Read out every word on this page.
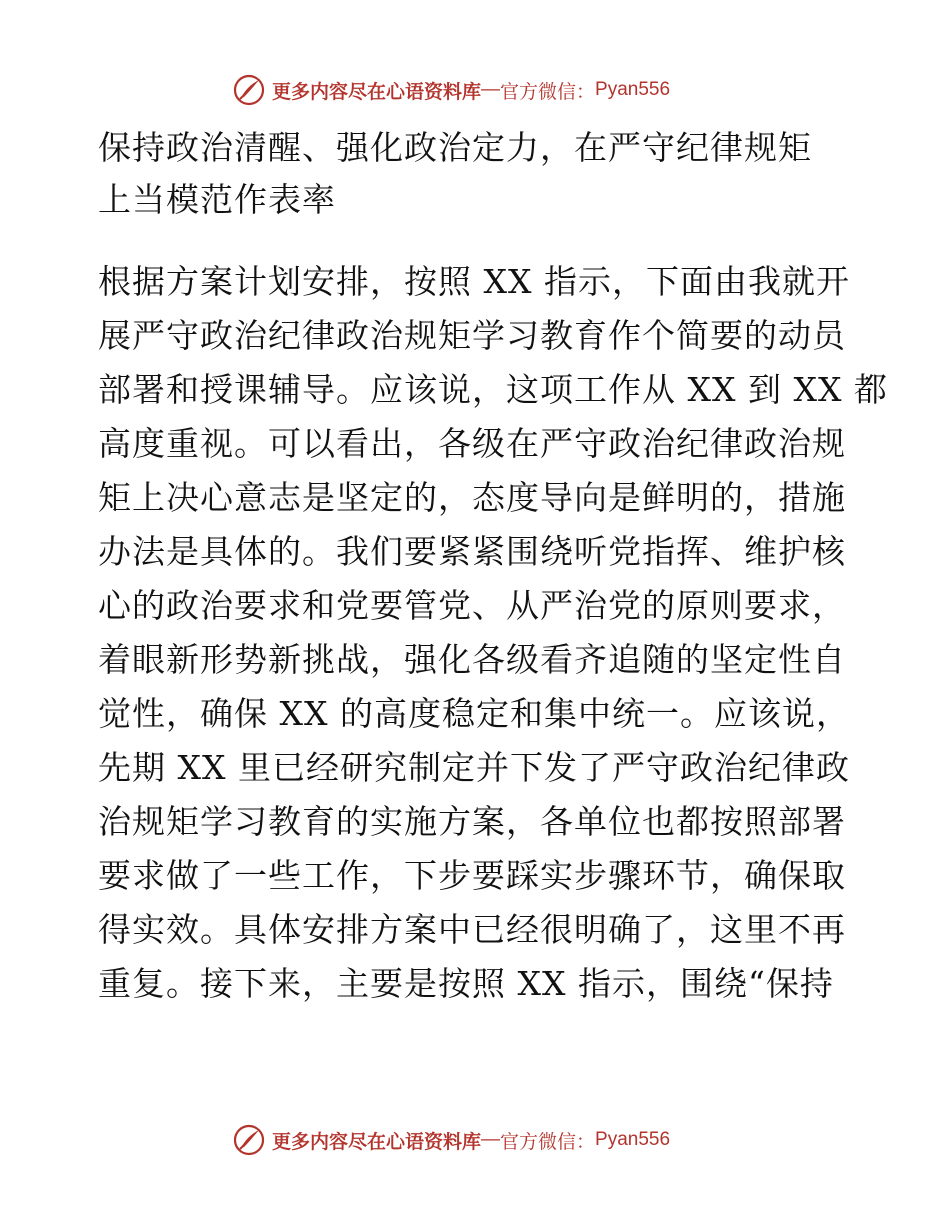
更多内容尽在心语资料库 — 官方微信： Pyan556
保持政治清醒、强化政治定力，在严守纪律规矩
上当模范作表率
根据方案计划安排，按照 XX 指示，下面由我就开
展严守政治纪律政治规矩学习教育作个简要的动员
部署和授课辅导。应该说，这项工作从 XX 到 XX 都
高度重视。可以看出，各级在严守政治纪律政治规
矩上决心意志是坚定的，态度导向是鲜明的，措施
办法是具体的。我们要紧紧围绕听党指挥、维护核
心的政治要求和党要管党、从严治党的原则要求，
着眼新形势新挑战，强化各级看齐追随的坚定性自
觉性，确保 XX 的高度稳定和集中统一。应该说，
先期 XX 里已经研究制定并下发了严守政治纪律政
治规矩学习教育的实施方案，各单位也都按照部署
要求做了一些工作，下步要踩实步骤环节，确保取
得实效。具体安排方案中已经很明确了，这里不再
重复。接下来，主要是按照 XX 指示，围绕“保持
更多内容尽在心语资料库 — 官方微信： Pyan556
